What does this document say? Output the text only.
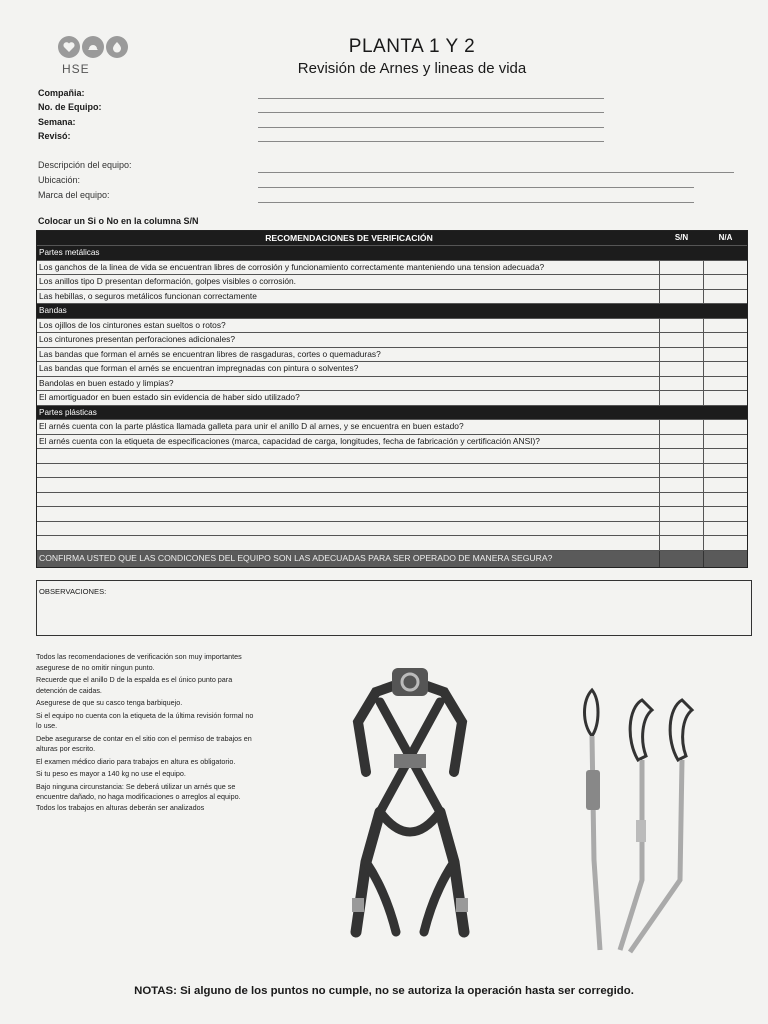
HSE
PLANTA 1 Y 2
Revisión de Arnes y lineas de vida
Compañia:
No. de Equipo:
Semana:
Revisó:
Descripción del equipo:
Ubicación:
Marca del equipo:
Colocar un Si o No en la columna S/N
RECOMENDACIONES DE VERIFICACIÓN	S/N	N/A
Partes metálicas
Los ganchos de la linea de vida se encuentran libres de corrosión y funcionamiento correctamente manteniendo una tension adecuada?
Los anillos tipo D presentan deformación, golpes visibles o corrosión.
Las hebillas, o seguros metálicos funcionan correctamente
Bandas
Los ojillos de los cinturones estan sueltos o rotos?
Los cinturones presentan perforaciones adicionales?
Las bandas que forman el arnés se encuentran libres de rasgaduras, cortes o quemaduras?
Las bandas que forman el arnés se encuentran impregnadas con pintura o solventes?
Bandolas en buen estado y limpias?
El amortiguador en buen estado sin evidencia de haber sido utilizado?
Partes plásticas
El arnés cuenta con la parte plástica llamada galleta para unir el anillo D al arnes, y se encuentra en buen estado?
El arnés cuenta con la etiqueta de especificaciones (marca, capacidad de carga, longitudes, fecha de fabricación y certificación ANSI)?
CONFIRMA USTED QUE LAS CONDICONES DEL EQUIPO SON LAS ADECUADAS PARA SER OPERADO DE MANERA SEGURA?
OBSERVACIONES:

Todos las recomendaciones de verificación son muy importantes asegurese de no omitir ningun punto.

Recuerde que el anillo D de la espalda es el único punto para detención de caidas.

Asegurese de que su casco tenga barbiquejo.

Si el equipo no cuenta con la etiqueta de la última revisión formal no lo use.

Debe asegurarse de contar en el sitio con el permiso de trabajos en alturas por escrito.

El examen médico diario para trabajos en altura es obligatorio.

Si tu peso es mayor a 140 kg no use el equipo.

Bajo ninguna circunstancia: Se deberá utilizar un arnés que se encuentre dañado, no haga modificaciones o arreglos al equipo. Todos los trabajos en alturas deberán ser analizados

NOTAS: Si alguno de los puntos no cumple, no se autoriza la operación hasta ser corregido.
